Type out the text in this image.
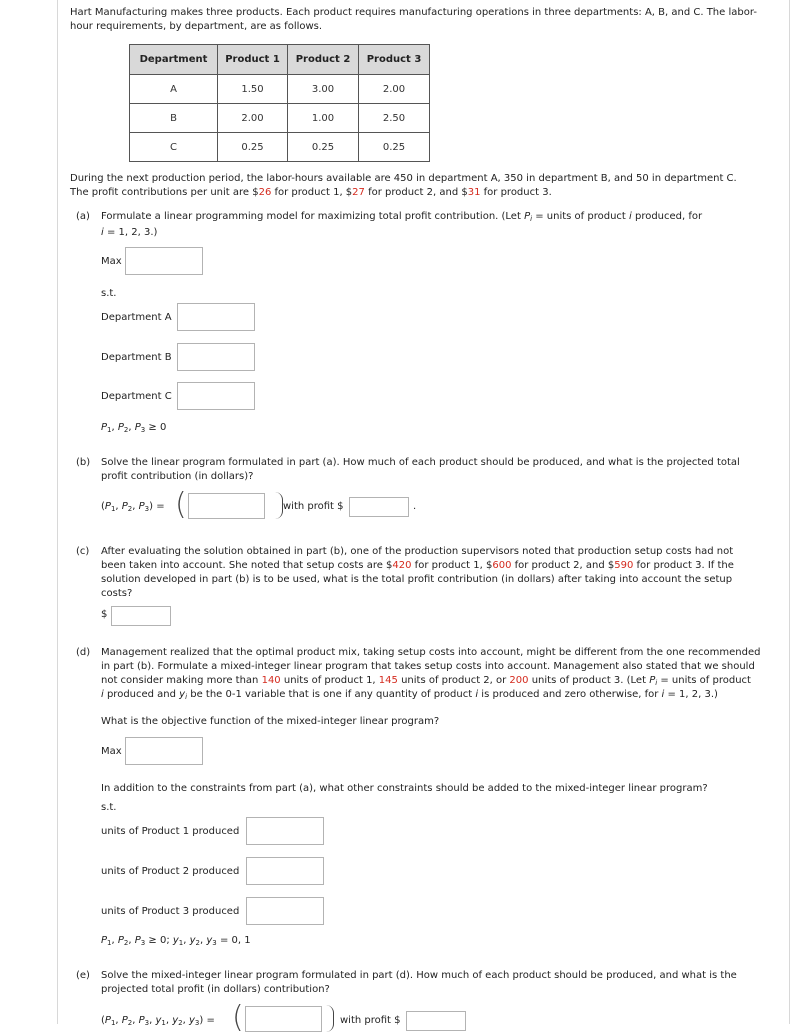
Hart Manufacturing makes three products. Each product requires manufacturing operations in three departments: A, B, and C. The labor-
hour requirements, by department, are as follows.
Department	Product 1	Product 2	Product 3
A	1.50	3.00	2.00
B	2.00	1.00	2.50
C	0.25	0.25	0.25
During the next production period, the labor-hours available are 450 in department A, 350 in department B, and 50 in department C.
The profit contributions per unit are $26 for product 1, $27 for product 2, and $31 for product 3.
(a) Formulate a linear programming model for maximizing total profit contribution. (Let $P_i$ = units of product i produced, for
i = 1, 2, 3.)
Max
s.t.
Department A
Department B
Department C
$P_1$, $P_2$, $P_3 \ge 0$
(b) Solve the linear program formulated in part (a). How much of each product should be produced, and what is the projected total
profit contribution (in dollars)?
($P_1$, $P_2$, $P_3$) = (	with profit $	.
(c) After evaluating the solution obtained in part (b), one of the production supervisors noted that production setup costs had not
been taken into account. She noted that setup costs are $420 for product 1, $600 for product 2, and $590 for product 3. If the
solution developed in part (b) is to be used, what is the total profit contribution (in dollars) after taking into account the setup
costs?
$
(d) Management realized that the optimal product mix, taking setup costs into account, might be different from the one recommended
in part (b). Formulate a mixed-integer linear program that takes setup costs into account. Management also stated that we should
not consider making more than 140 units of product 1, 145 units of product 2, or 200 units of product 3. (Let $P_i$ = units of product
i produced and $y_i$ be the 0-1 variable that is one if any quantity of product i is produced and zero otherwise, for i = 1, 2, 3.)
What is the objective function of the mixed-integer linear program?
Max
In addition to the constraints from part (a), what other constraints should be added to the mixed-integer linear program?
s.t.
units of Product 1 produced
units of Product 2 produced
units of Product 3 produced
$P_1$, $P_2$, $P_3 \ge 0$; $y_1$, $y_2$, $y_3 = 0$, 1
(e) Solve the mixed-integer linear program formulated in part (d). How much of each product should be produced, and what is the
projected total profit (in dollars) contribution?
($P_1$, $P_2$, $P_3$, $y_1$, $y_2$, $y_3$) = (	with profit $
